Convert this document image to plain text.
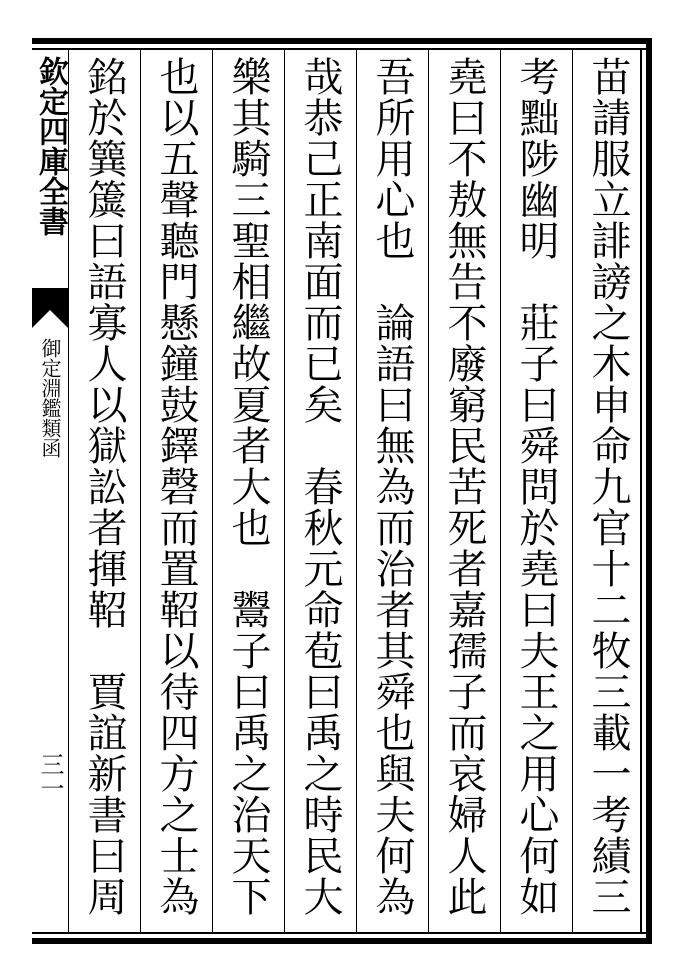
欽定四庫全書
御定淵鑑類函
三一	苗請服立誹謗之木申命九官十二牧三載一考績三
考黜陟幽明　莊子曰舜問於堯曰夫王之用心何如
堯曰不敖無告不廢窮民苦死者嘉孺子而哀婦人此
吾所用心也　論語曰無為而治者其舜也與夫何為
哉恭己正南面而已矣　春秋元命苞曰禹之時民大
樂其騎三聖相繼故夏者大也　鬻子曰禹之治天下
也以五聲聽門懸鐘鼓鐸磬而置鞀以待四方之士為
銘於簨簴曰語寡人以獄訟者揮鞀　賈誼新書曰周
